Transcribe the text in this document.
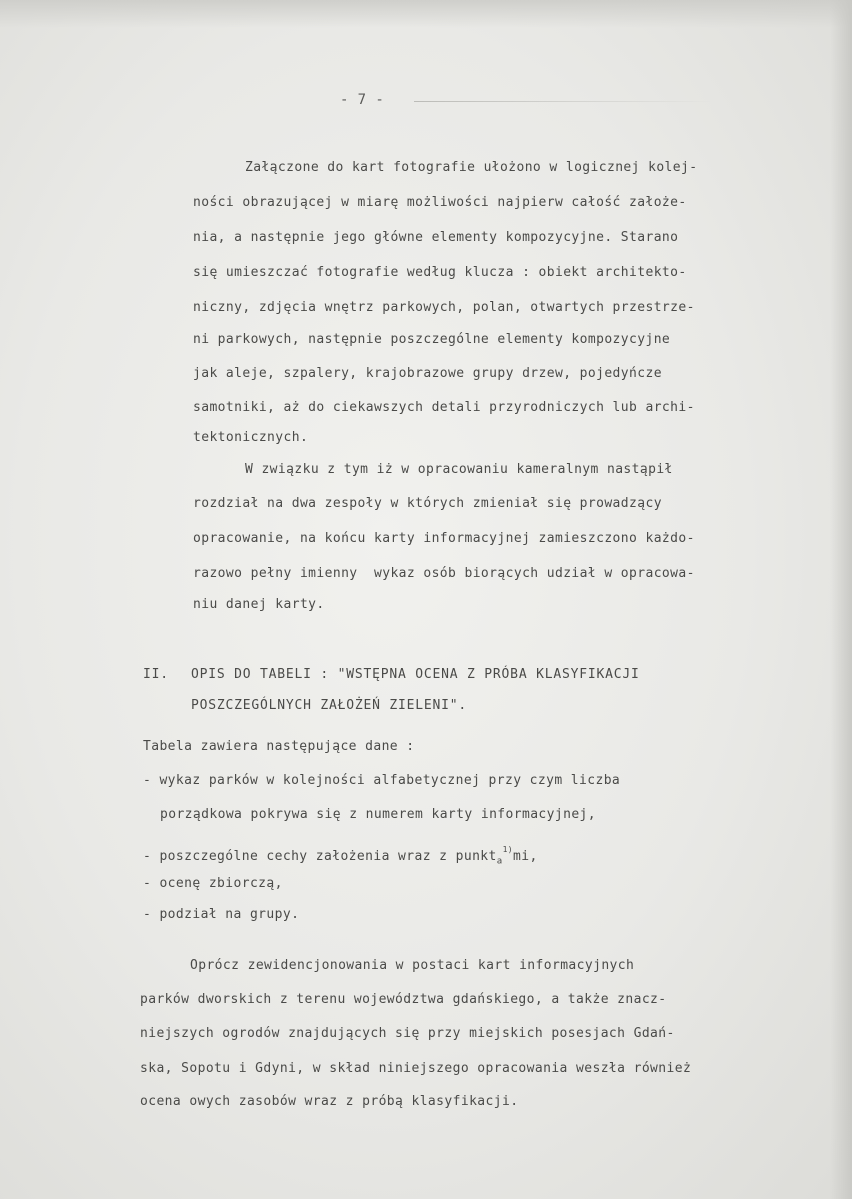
- 7 -
Załączone do kart fotografie ułożono w logicznej kolej-
ności obrazującej w miarę możliwości najpierw całość założe-
nia, a następnie jego główne elementy kompozycyjne. Starano
się umieszczać fotografie według klucza : obiekt architekto-
niczny, zdjęcia wnętrz parkowych, polan, otwartych przestrze-
ni parkowych, następnie poszczególne elementy kompozycyjne
jak aleje, szpalery, krajobrazowe grupy drzew, pojedyńcze
samotniki, aż do ciekawszych detali przyrodniczych lub archi-
tektonicznych.
W związku z tym iż w opracowaniu kameralnym nastąpił
rozdział na dwa zespoły w których zmieniał się prowadzący
opracowanie, na końcu karty informacyjnej zamieszczono każdo-
razowo pełny imienny  wykaz osób biorących udział w opracowa-
niu danej karty.
II. OPIS DO TABELI : "WSTĘPNA OCENA Z PRÓBA KLASYFIKACJI
POSZCZEGÓLNYCH ZAŁOŻEŃ ZIELENI".
Tabela zawiera następujące dane :
- wykaz parków w kolejności alfabetycznej przy czym liczba
porządkowa pokrywa się z numerem karty informacyjnej,
- poszczególne cechy założenia wraz z punkt$_a^{1)}$mi,
- ocenę zbiorczą,
- podział na grupy.
Oprócz zewidencjonowania w postaci kart informacyjnych
parków dworskich z terenu województwa gdańskiego, a także znacz-
niejszych ogrodów znajdujących się przy miejskich posesjach Gdań-
ska, Sopotu i Gdyni, w skład niniejszego opracowania weszła również
ocena owych zasobów wraz z próbą klasyfikacji.
